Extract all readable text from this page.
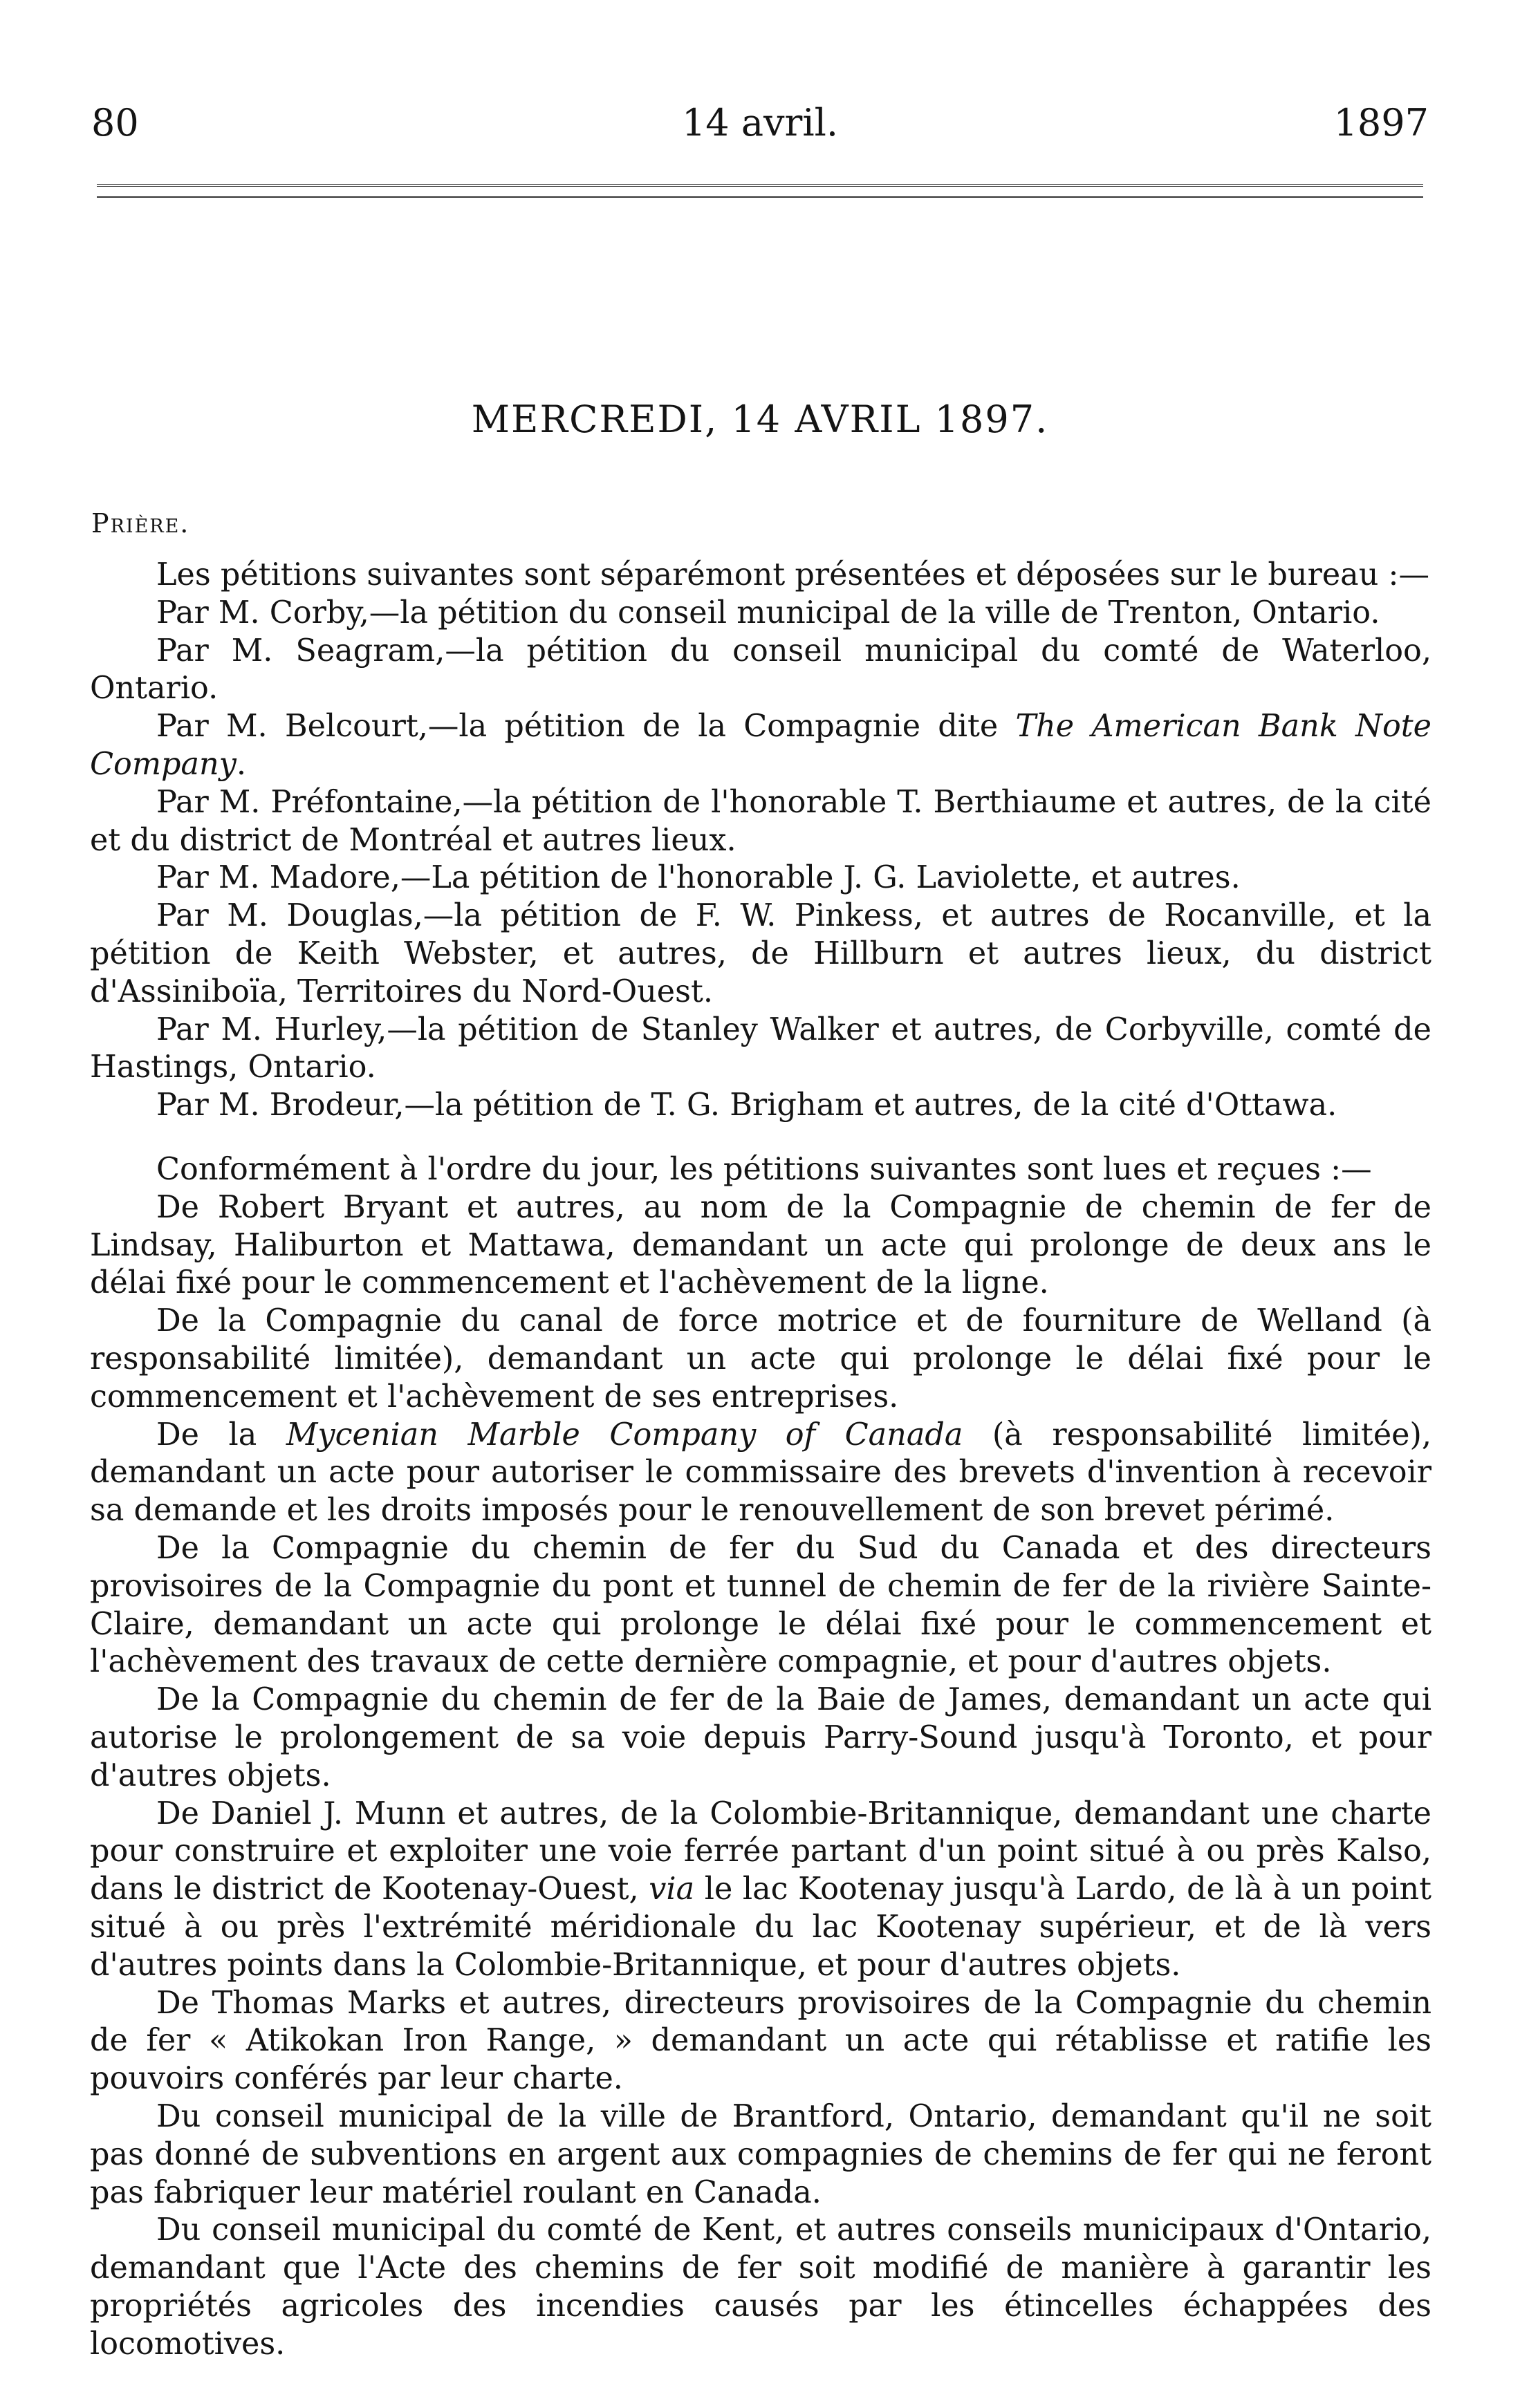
80	14 avril.	1897
MERCREDI, 14 AVRIL 1897.
Prière.

Les pétitions suivantes sont séparémont présentées et déposées sur le bureau :—

Par M. Corby,—la pétition du conseil municipal de la ville de Trenton, Ontario.

Par M. Seagram,—la pétition du conseil municipal du comté de Waterloo, Ontario.

Par M. Belcourt,—la pétition de la Compagnie dite The American Bank Note Company.

Par M. Préfontaine,—la pétition de l'honorable T. Berthiaume et autres, de la cité et du district de Montréal et autres lieux.

Par M. Madore,—La pétition de l'honorable J. G. Laviolette, et autres.

Par M. Douglas,—la pétition de F. W. Pinkess, et autres de Rocanville, et la pétition de Keith Webster, et autres, de Hillburn et autres lieux, du district d'Assiniboïa, Territoires du Nord-Ouest.

Par M. Hurley,—la pétition de Stanley Walker et autres, de Corbyville, comté de Hastings, Ontario.

Par M. Brodeur,—la pétition de T. G. Brigham et autres, de la cité d'Ottawa.

Conformément à l'ordre du jour, les pétitions suivantes sont lues et reçues :—

De Robert Bryant et autres, au nom de la Compagnie de chemin de fer de Lindsay, Haliburton et Mattawa, demandant un acte qui prolonge de deux ans le délai fixé pour le commencement et l'achèvement de la ligne.

De la Compagnie du canal de force motrice et de fourniture de Welland (à responsabilité limitée), demandant un acte qui prolonge le délai fixé pour le commencement et l'achèvement de ses entreprises.

De la Mycenian Marble Company of Canada (à responsabilité limitée), demandant un acte pour autoriser le commissaire des brevets d'invention à recevoir sa demande et les droits imposés pour le renouvellement de son brevet périmé.

De la Compagnie du chemin de fer du Sud du Canada et des directeurs provisoires de la Compagnie du pont et tunnel de chemin de fer de la rivière Sainte-Claire, demandant un acte qui prolonge le délai fixé pour le commencement et l'achèvement des travaux de cette dernière compagnie, et pour d'autres objets.

De la Compagnie du chemin de fer de la Baie de James, demandant un acte qui autorise le prolongement de sa voie depuis Parry-Sound jusqu'à Toronto, et pour d'autres objets.

De Daniel J. Munn et autres, de la Colombie-Britannique, demandant une charte pour construire et exploiter une voie ferrée partant d'un point situé à ou près Kalso, dans le district de Kootenay-Ouest, via le lac Kootenay jusqu'à Lardo, de là à un point situé à ou près l'extrémité méridionale du lac Kootenay supérieur, et de là vers d'autres points dans la Colombie-Britannique, et pour d'autres objets.

De Thomas Marks et autres, directeurs provisoires de la Compagnie du chemin de fer « Atikokan Iron Range, » demandant un acte qui rétablisse et ratifie les pouvoirs conférés par leur charte.

Du conseil municipal de la ville de Brantford, Ontario, demandant qu'il ne soit pas donné de subventions en argent aux compagnies de chemins de fer qui ne feront pas fabriquer leur matériel roulant en Canada.

Du conseil municipal du comté de Kent, et autres conseils municipaux d'Ontario, demandant que l'Acte des chemins de fer soit modifié de manière à garantir les propriétés agricoles des incendies causés par les étincelles échappées des locomotives.
